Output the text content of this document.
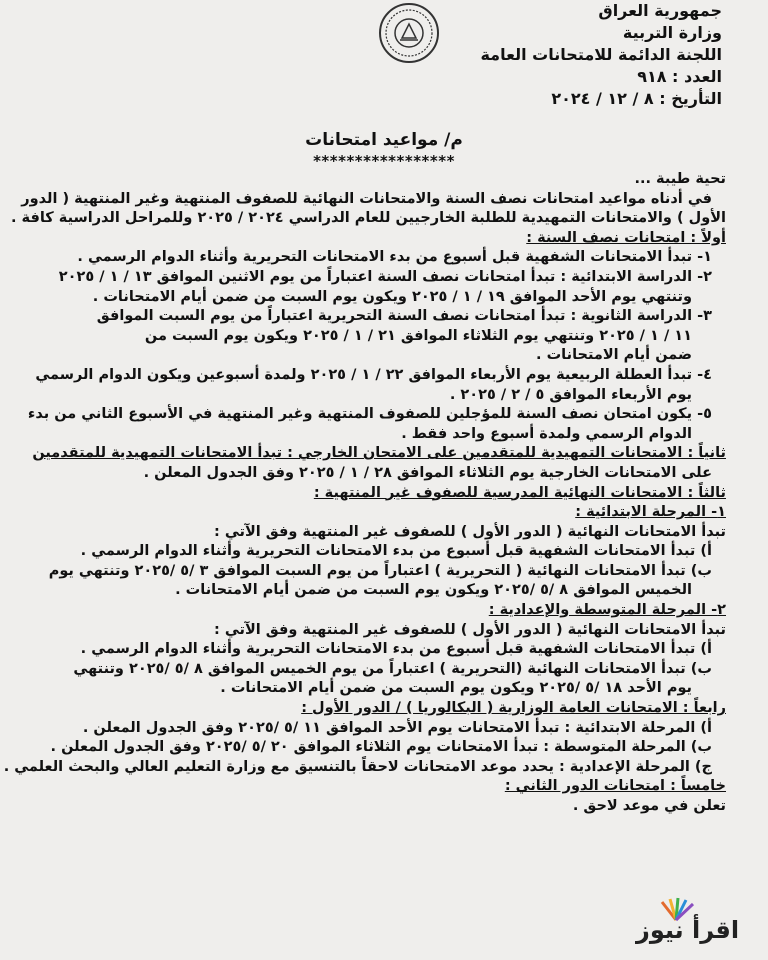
جمهورية العراق
وزارة التربية
اللجنة الدائمة للامتحانات العامة
العدد : ٩١٨
التأريخ : ٨ / ١٢ / ٢٠٢٤
م/ مواعيد امتحانات
*****************

تحية طيبة ...

في أدناه مواعيد امتحانات نصف السنة والامتحانات النهائية للصفوف المنتهية وغير المنتهية ( الدور

الأول ) والامتحانات التمهيدية للطلبة الخارجيين للعام الدراسي ٢٠٢٤ / ٢٠٢٥ وللمراحل الدراسية كافة .

أولاً : امتحانات نصف السنة :

١- تبدأ الامتحانات الشفهية قبل أسبوع من بدء الامتحانات التحريرية وأثناء الدوام الرسمي .

٢- الدراسة الابتدائية : تبدأ امتحانات نصف السنة اعتباراً من يوم الاثنين الموافق ١٣ / ١ / ٢٠٢٥

وتنتهي يوم الأحد الموافق ١٩ / ١ / ٢٠٢٥ ويكون يوم السبت من ضمن أيام الامتحانات .

٣- الدراسة الثانوية : تبدأ امتحانات نصف السنة التحريرية اعتباراً من يوم السبت الموافق

١١ / ١ / ٢٠٢٥ وتنتهي يوم الثلاثاء الموافق ٢١ / ١ / ٢٠٢٥ ويكون يوم السبت من

ضمن أيام الامتحانات .

٤- تبدأ العطلة الربيعية يوم الأربعاء الموافق ٢٢ / ١ / ٢٠٢٥ ولمدة أسبوعين ويكون الدوام الرسمي

يوم الأربعاء الموافق ٥ / ٢ / ٢٠٢٥ .

٥- يكون امتحان نصف السنة للمؤجلين للصفوف المنتهية وغير المنتهية في الأسبوع الثاني من بدء

الدوام الرسمي ولمدة أسبوع واحد فقط .

ثانياً : الامتحانات التمهيدية للمتقدمين على الامتحان الخارجي : تبدأ الامتحانات التمهيدية للمتقدمين

على الامتحانات الخارجية يوم الثلاثاء الموافق ٢٨ / ١ / ٢٠٢٥ وفق الجدول المعلن .

ثالثاً : الامتحانات النهائية المدرسية للصفوف غير المنتهية :

١- المرحلة الابتدائية :

تبدأ الامتحانات النهائية ( الدور الأول ) للصفوف غير المنتهية وفق الآتي :

أ) تبدأ الامتحانات الشفهية قبل أسبوع من بدء الامتحانات التحريرية وأثناء الدوام الرسمي .

ب) تبدأ الامتحانات النهائية ( التحريرية ) اعتباراً من يوم السبت الموافق ٣ /٥ /٢٠٢٥ وتنتهي يوم

الخميس الموافق ٨ /٥ /٢٠٢٥ ويكون يوم السبت من ضمن أيام الامتحانات .

٢- المرحلة المتوسطة والإعدادية :

تبدأ الامتحانات النهائية ( الدور الأول ) للصفوف غير المنتهية وفق الآتي :

أ) تبدأ الامتحانات الشفهية قبل أسبوع من بدء الامتحانات التحريرية وأثناء الدوام الرسمي .

ب) تبدأ الامتحانات النهائية (التحريرية ) اعتباراً من يوم الخميس الموافق ٨ /٥ /٢٠٢٥ وتنتهي

يوم الأحد ١٨ /٥ /٢٠٢٥ ويكون يوم السبت من ضمن أيام الامتحانات .

رابعاً : الامتحانات العامة الوزارية ( البكالوريا ) / الدور الأول :

أ) المرحلة الابتدائية : تبدأ الامتحانات يوم الأحد الموافق ١١ /٥ /٢٠٢٥ وفق الجدول المعلن .

ب) المرحلة المتوسطة : تبدأ الامتحانات يوم الثلاثاء الموافق ٢٠ /٥ /٢٠٢٥ وفق الجدول المعلن .

ج) المرحلة الإعدادية : يحدد موعد الامتحانات لاحقاً بالتنسيق مع وزارة التعليم العالي والبحث العلمي .

خامساً : امتحانات الدور الثاني :

تعلن في موعد لاحق .

اقرأ نيوز
